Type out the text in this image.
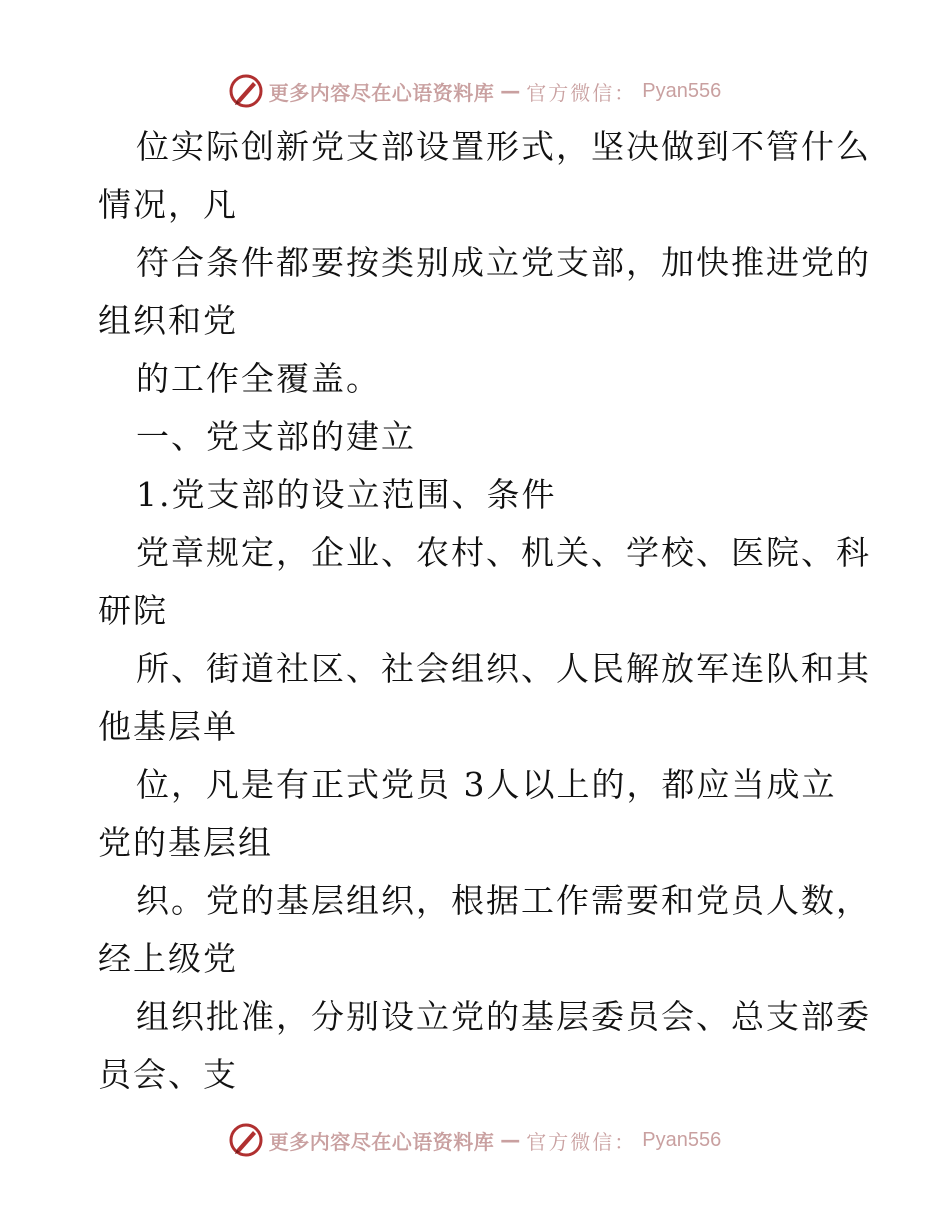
更多内容尽在心语资料库 — 官方微信： Pyan556
位实际创新党支部设置形式，坚决做到不管什么
情况，凡
符合条件都要按类别成立党支部，加快推进党的
组织和党
的工作全覆盖。
一、党支部的建立
1.党支部的设立范围、条件
党章规定，企业、农村、机关、学校、医院、科
研院
所、街道社区、社会组织、人民解放军连队和其
他基层单
位，凡是有正式党员 3人以上的，都应当成立
党的基层组
织。党的基层组织，根据工作需要和党员人数，
经上级党
组织批准，分别设立党的基层委员会、总支部委
员会、支
更多内容尽在心语资料库 — 官方微信： Pyan556
